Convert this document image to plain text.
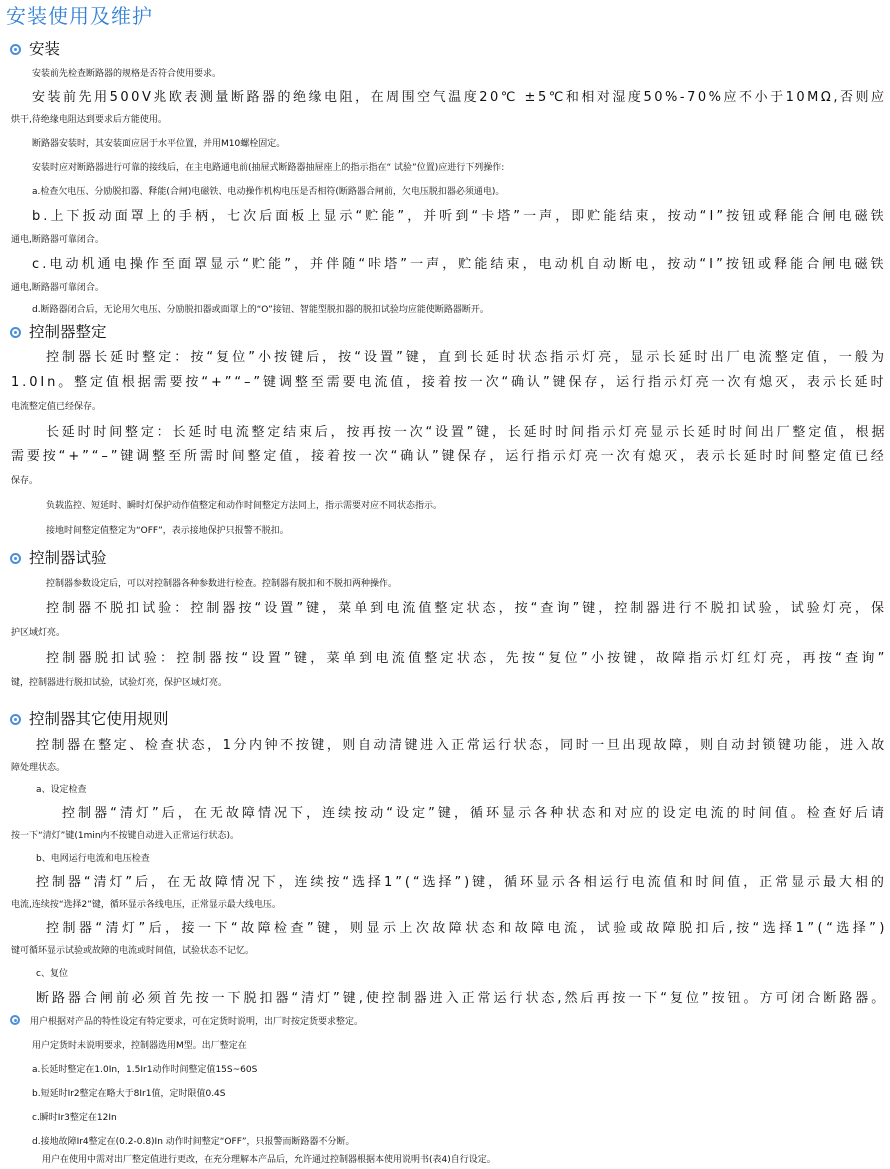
安装使用及维护
安装
安装前先检查断路器的规格是否符合使用要求。
安装前先用500V兆欧表测量断路器的绝缘电阻，在周围空气温度20℃ ±5℃和相对湿度50%-70%应不小于10MΩ,否则应
烘干,待绝缘电阻达到要求后方能使用。
断路器安装时，其安装面应居于水平位置，并用M10螺栓固定。
安装时应对断路器进行可靠的接线后，在主电路通电前(抽屉式断路器抽屉座上的指示指在“ 试验”位置)应进行下列操作:
a.检查欠电压、分励脱扣器、释能(合闸)电磁铁、电动操作机构电压是否相符(断路器合闸前，欠电压脱扣器必须通电)。
b.上下扳动面罩上的手柄，七次后面板上显示“贮能”，并听到“卡塔”一声，即贮能结束，按动“I”按钮或释能合闸电磁铁
通电,断路器可靠闭合。
c.电动机通电操作至面罩显示“贮能”，并伴随“咔塔”一声，贮能结束，电动机自动断电，按动“I”按钮或释能合闸电磁铁
通电,断路器可靠闭合。
d.断路器闭合后，无论用欠电压、分励脱扣器或面罩上的“O”接钮、智能型脱扣器的脱扣试验均应能使断路器断开。
控制器整定
控制器长延时整定：按“复位”小按键后，按“设置”键，直到长延时状态指示灯亮，显示长延时出厂电流整定值，一般为
1.0In。整定值根据需要按“+”“–”键调整至需要电流值，接着按一次“确认”键保存，运行指示灯亮一次有熄灭，表示长延时
电流整定值已经保存。
长延时时间整定：长延时电流整定结束后，按再按一次“设置”键，长延时时间指示灯亮显示长延时时间出厂整定值，根据
需要按“+”“–”键调整至所需时间整定值，接着按一次“确认”键保存，运行指示灯亮一次有熄灭，表示长延时时间整定值已经
保存。
负载监控、短延时、瞬时灯保护动作值整定和动作时间整定方法同上，指示需要对应不同状态指示。
接地时间整定值整定为“OFF”，表示接地保护只报警不脱扣。
控制器试验
控制器参数设定后，可以对控制器各种参数进行检查。控制器有脱扣和不脱扣两种操作。
控制器不脱扣试验：控制器按“设置”键，菜单到电流值整定状态，按“查询”键，控制器进行不脱扣试验，试验灯亮，保
护区域灯亮。
控制器脱扣试验：控制器按“设置”键，菜单到电流值整定状态，先按“复位”小按键，故障指示灯红灯亮，再按“查询”
键，控制器进行脱扣试验，试验灯亮，保护区域灯亮。
控制器其它使用规则
控制器在整定、检查状态，1分内钟不按键，则自动清键进入正常运行状态，同时一旦出现故障，则自动封锁键功能，进入故
障处理状态。
a、设定检查
控制器“清灯”后，在无故障情况下，连续按动“设定”键，循环显示各种状态和对应的设定电流的时间值。检查好后请
按一下“清灯”键(1min内不按键自动进入正常运行状态)。
b、电网运行电流和电压检查
控制器“清灯”后，在无故障情况下，连续按“选择1”(“选择”)键，循环显示各相运行电流值和时间值，正常显示最大相的
电流,连续按“选择2”键，循环显示各线电压，正常显示最大线电压。
控制器“清灯”后，接一下“故障检查”键，则显示上次故障状态和故障电流，试验或故障脱扣后,按“选择1”(“选择”)
键可循环显示试验或故障的电流或时间值，试验状态不记忆。
c、复位
断路器合闸前必须首先按一下脱扣器“清灯”键,使控制器进入正常运行状态,然后再按一下“复位”按钮。方可闭合断路器。
用户根据对产品的特性设定有特定要求，可在定货时说明，出厂时按定货要求整定。
用户定货时未说明要求，控制器选用M型。出厂整定在
a.长延时整定在1.0In，1.5Ir1动作时间整定值15S~60S
b.短延时Ir2整定在略大于8Ir1值，定时限值0.4S
c.瞬时Ir3整定在12In
d.接地故障Ir4整定在(0.2-0.8)In 动作时间整定“OFF”，只报警而断路器不分断。
用户在使用中需对出厂整定值进行更改，在充分理解本产品后，允许通过控制器根据本使用说明书(表4)自行设定。
